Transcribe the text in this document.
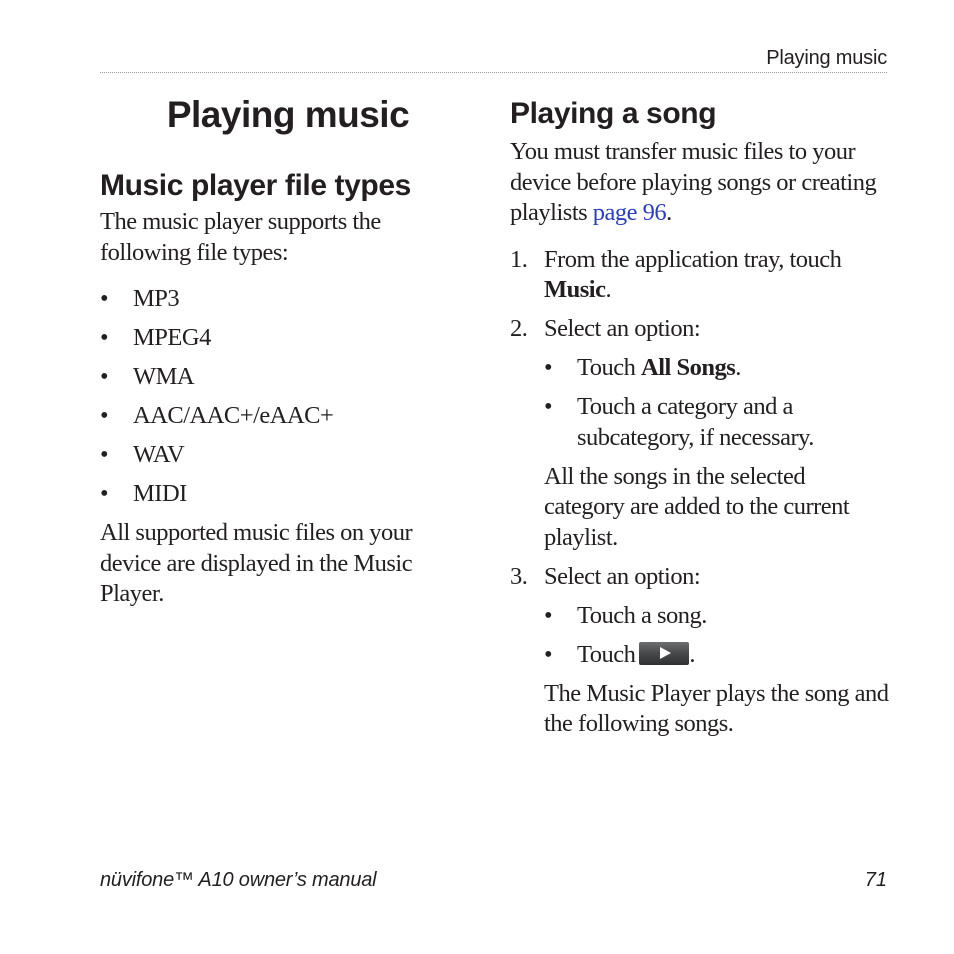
Playing music
Playing music
Music player file types

The music player supports the following file types:

• MP3
• MPEG4
• WMA
• AAC/AAC+/eAAC+
• WAV
• MIDI

All supported music files on your device are displayed in the Music Player.

Playing a song

You must transfer music files to your device before playing songs or creating playlists page 96.

1. From the application tray, touch Music.
2. Select an option:
• Touch All Songs.
• Touch a category and a subcategory, if necessary.

All the songs in the selected category are added to the current playlist.

3. Select an option:
• Touch a song.
• Touch .

The Music Player plays the song and the following songs.

nüvifone™ A10 owner’s manual	71
